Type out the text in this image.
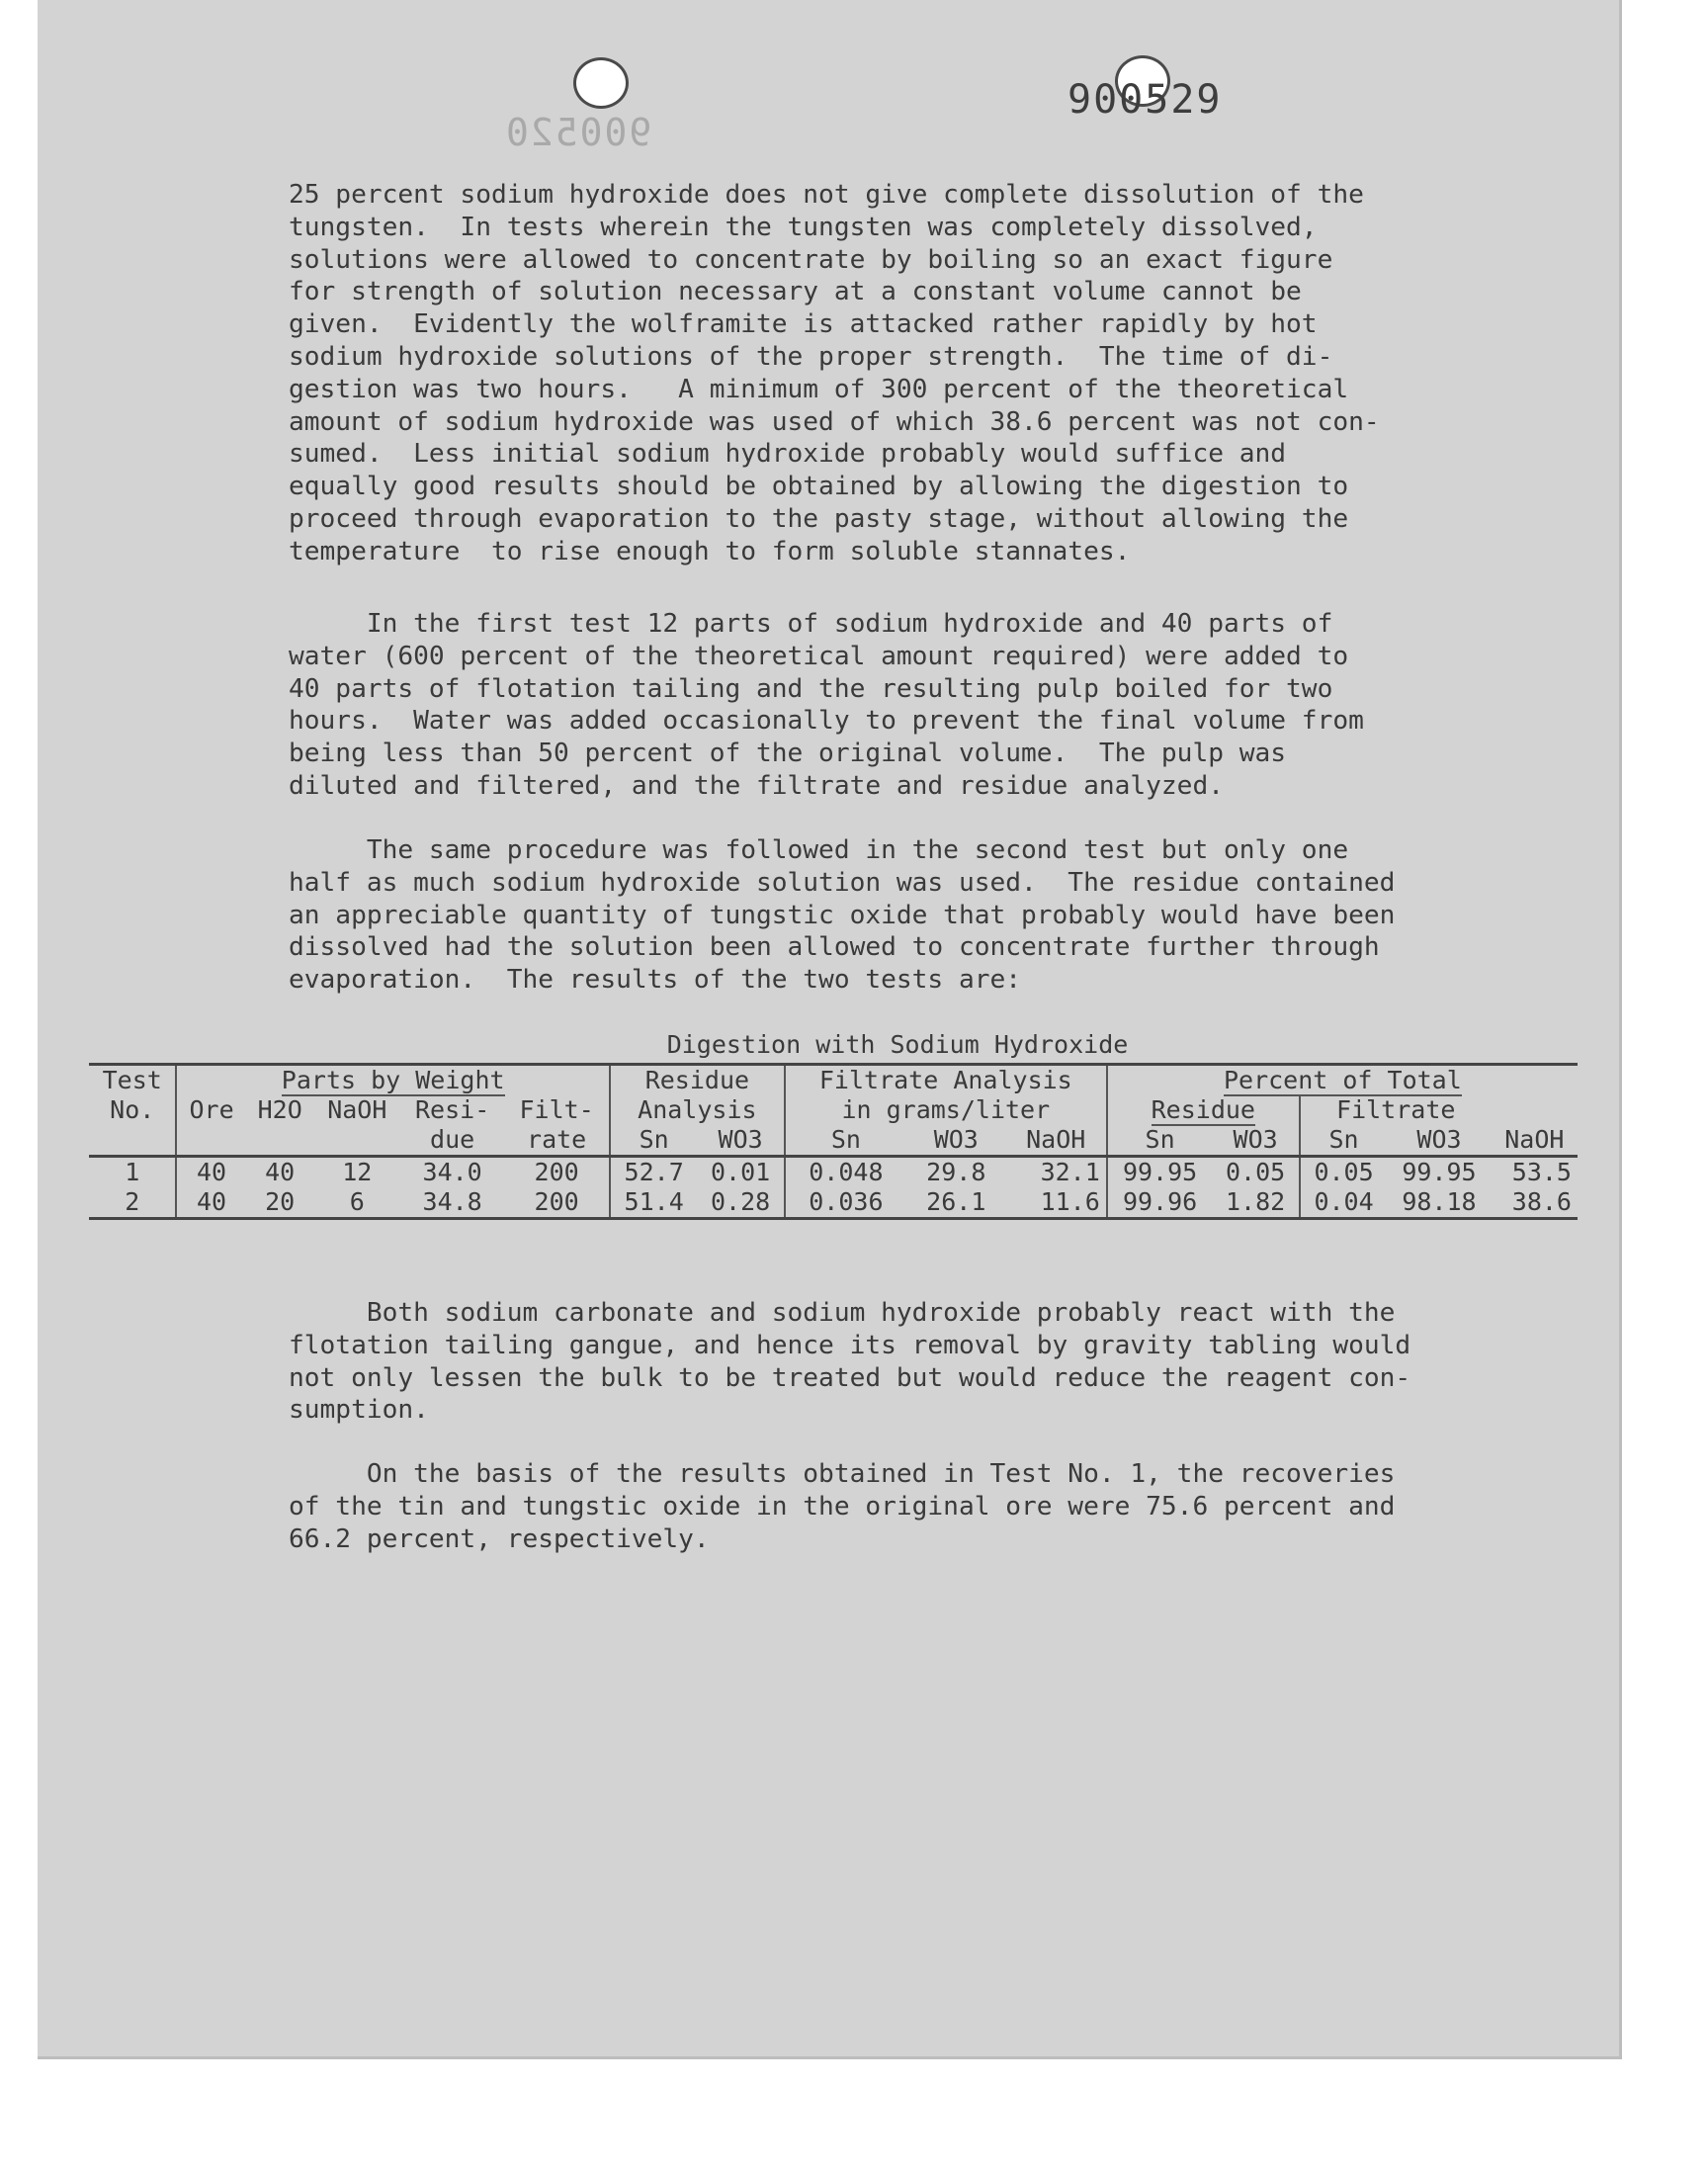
900520
900529
25 percent sodium hydroxide does not give complete dissolution of the
tungsten.  In tests wherein the tungsten was completely dissolved,
solutions were allowed to concentrate by boiling so an exact figure
for strength of solution necessary at a constant volume cannot be
given.  Evidently the wolframite is attacked rather rapidly by hot
sodium hydroxide solutions of the proper strength.  The time of di-
gestion was two hours.   A minimum of 300 percent of the theoretical
amount of sodium hydroxide was used of which 38.6 percent was not con-
sumed.  Less initial sodium hydroxide probably would suffice and
equally good results should be obtained by allowing the digestion to
proceed through evaporation to the pasty stage, without allowing the
temperature  to rise enough to form soluble stannates.
In the first test 12 parts of sodium hydroxide and 40 parts of
water (600 percent of the theoretical amount required) were added to
40 parts of flotation tailing and the resulting pulp boiled for two
hours.  Water was added occasionally to prevent the final volume from
being less than 50 percent of the original volume.  The pulp was
diluted and filtered, and the filtrate and residue analyzed.
The same procedure was followed in the second test but only one
half as much sodium hydroxide solution was used.  The residue contained
an appreciable quantity of tungstic oxide that probably would have been
dissolved had the solution been allowed to concentrate further through
evaporation.  The results of the two tests are:
Digestion with Sodium Hydroxide
Test	Parts by Weight					Residue		Filtrate Analysis			Percent of Total				
No.	Ore	H2O	NaOH	Resi-	Filt-	Analysis		in grams/liter			Residue		Filtrate		
				due	rate	Sn	WO3	Sn	WO3	NaOH	Sn	WO3	Sn	WO3	NaOH
1	40	40	12	34.0	200	52.7	0.01	0.048	29.8	32.1	99.95	0.05	0.05	99.95	53.5
2	40	20	6	34.8	200	51.4	0.28	0.036	26.1	11.6	99.96	1.82	0.04	98.18	38.6
Both sodium carbonate and sodium hydroxide probably react with the
flotation tailing gangue, and hence its removal by gravity tabling would
not only lessen the bulk to be treated but would reduce the reagent con-
sumption.
On the basis of the results obtained in Test No. 1, the recoveries
of the tin and tungstic oxide in the original ore were 75.6 percent and
66.2 percent, respectively.
